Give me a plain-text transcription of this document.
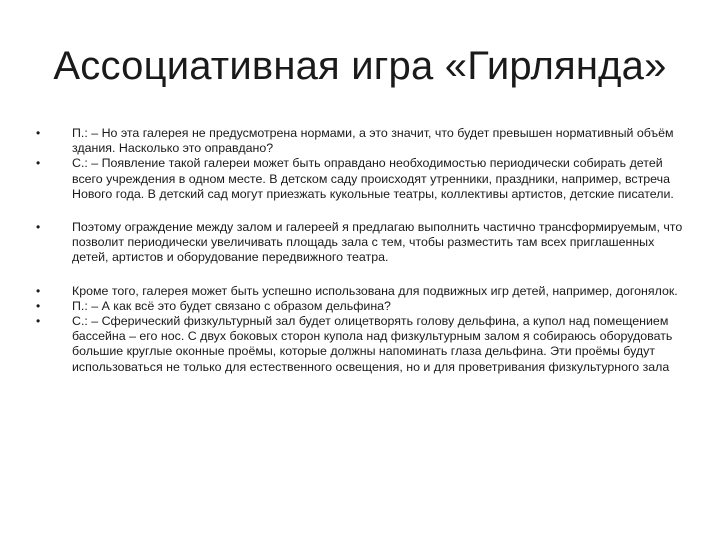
Ассоциативная игра «Гирлянда»
•	П.: – Но эта галерея не предусмотрена нормами, а это значит, что будет превышен нормативный объём здания. Насколько это оправдано?
•	С.: – Появление такой галереи может быть оправдано необходимостью периодически собирать детей всего учреждения в одном месте. В детском саду происходят утренники, праздники, например, встреча Нового года. В детский сад могут приезжать кукольные театры, коллективы артистов, детские писатели.
•	Поэтому ограждение между залом и галереей я предлагаю выполнить частично трансформируемым, что позволит периодически увеличивать площадь зала с тем, чтобы разместить там всех приглашенных детей, артистов и оборудование передвижного театра.
•	Кроме того, галерея может быть успешно использована для подвижных игр детей, например, догонялок.
•	П.: – А как всё это будет связано с образом дельфина?
•	С.: – Сферический физкультурный зал будет олицетворять голову дельфина, а купол над помещением бассейна – его нос. С двух боковых сторон купола над физкультурным залом я собираюсь оборудовать большие круглые оконные проёмы, которые должны напоминать глаза дельфина. Эти проёмы будут использоваться не только для естественного освещения, но и для проветривания физкультурного зала
